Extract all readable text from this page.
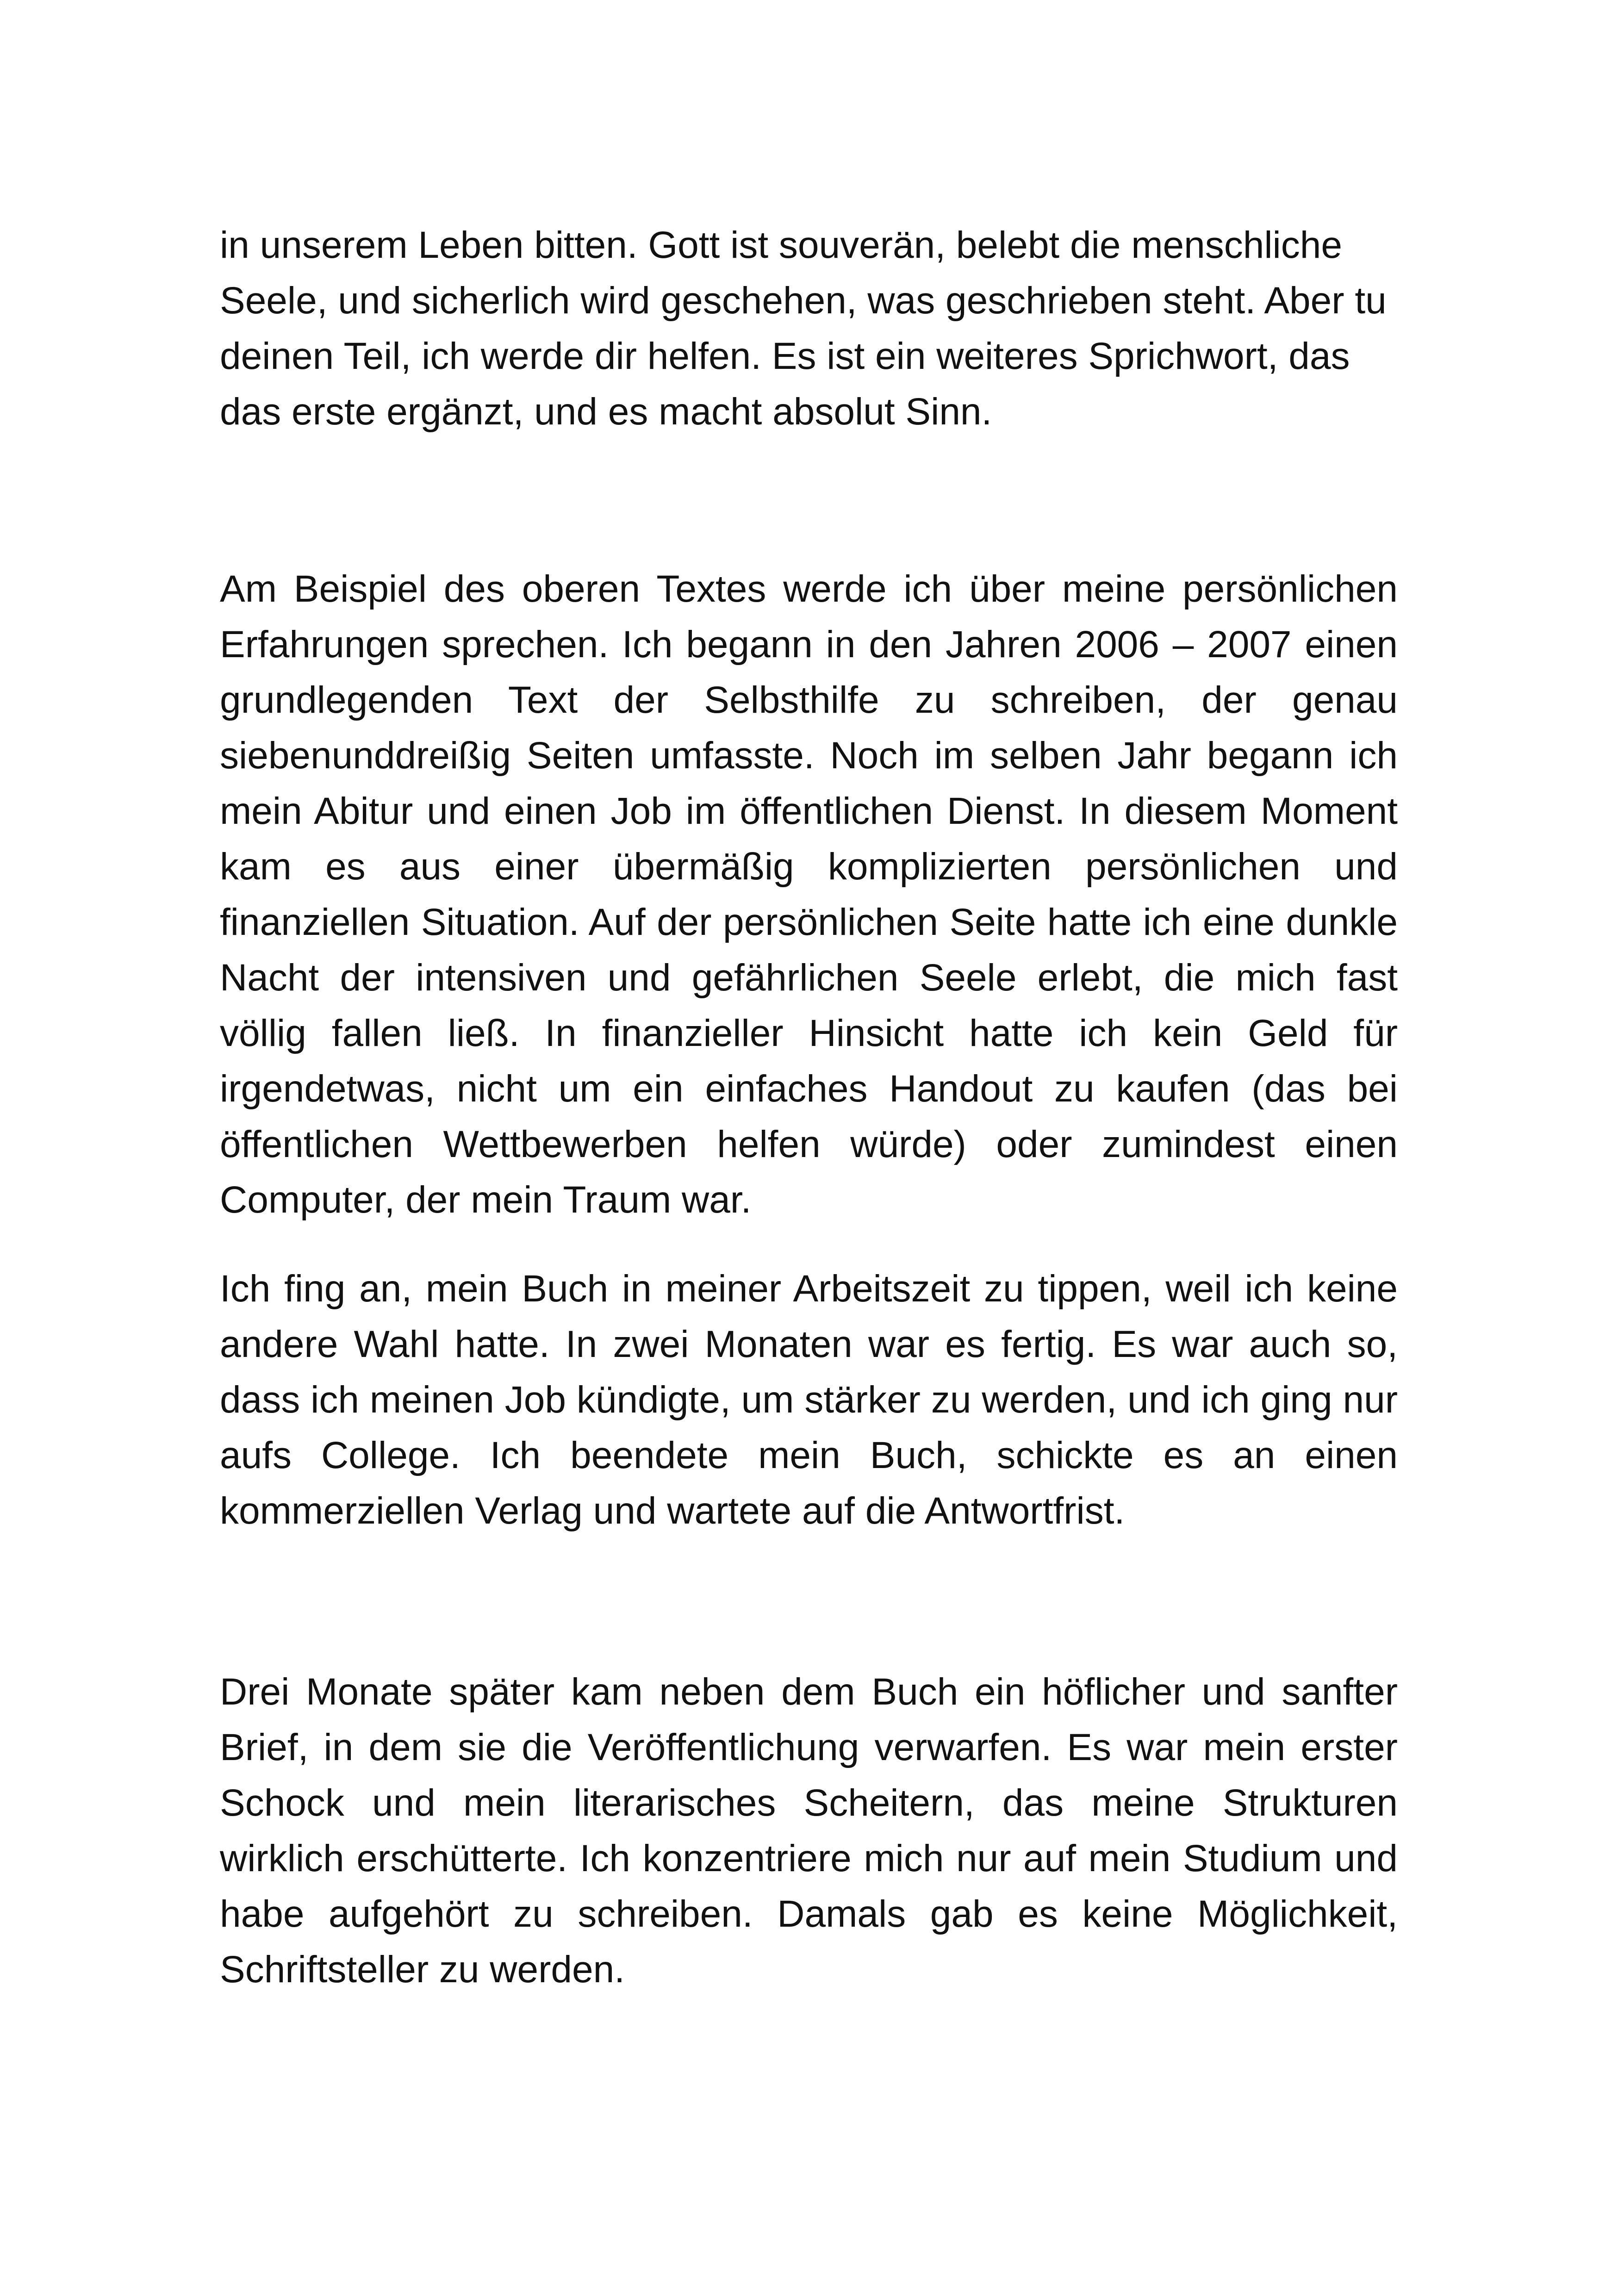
in unserem Leben bitten. Gott ist souverän, belebt die menschliche Seele, und sicherlich wird geschehen, was geschrieben steht. Aber tu deinen Teil, ich werde dir helfen. Es ist ein weiteres Sprichwort, das das erste ergänzt, und es macht absolut Sinn.

Am Beispiel des oberen Textes werde ich über meine persönlichen Erfahrungen sprechen. Ich begann in den Jahren 2006 – 2007 einen grundlegenden Text der Selbsthilfe zu schreiben, der genau siebenunddreißig Seiten umfasste. Noch im selben Jahr begann ich mein Abitur und einen Job im öffentlichen Dienst. In diesem Moment kam es aus einer übermäßig komplizierten persönlichen und finanziellen Situation. Auf der persönlichen Seite hatte ich eine dunkle Nacht der intensiven und gefährlichen Seele erlebt, die mich fast völlig fallen ließ. In finanzieller Hinsicht hatte ich kein Geld für irgendetwas, nicht um ein einfaches Handout zu kaufen (das bei öffentlichen Wettbewerben helfen würde) oder zumindest einen Computer, der mein Traum war.

Ich fing an, mein Buch in meiner Arbeitszeit zu tippen, weil ich keine andere Wahl hatte. In zwei Monaten war es fertig. Es war auch so, dass ich meinen Job kündigte, um stärker zu werden, und ich ging nur aufs College. Ich beendete mein Buch, schickte es an einen kommerziellen Verlag und wartete auf die Antwortfrist.

Drei Monate später kam neben dem Buch ein höflicher und sanfter Brief, in dem sie die Veröffentlichung verwarfen. Es war mein erster Schock und mein literarisches Scheitern, das meine Strukturen wirklich erschütterte. Ich konzentriere mich nur auf mein Studium und habe aufgehört zu schreiben. Damals gab es keine Möglichkeit, Schriftsteller zu werden.
